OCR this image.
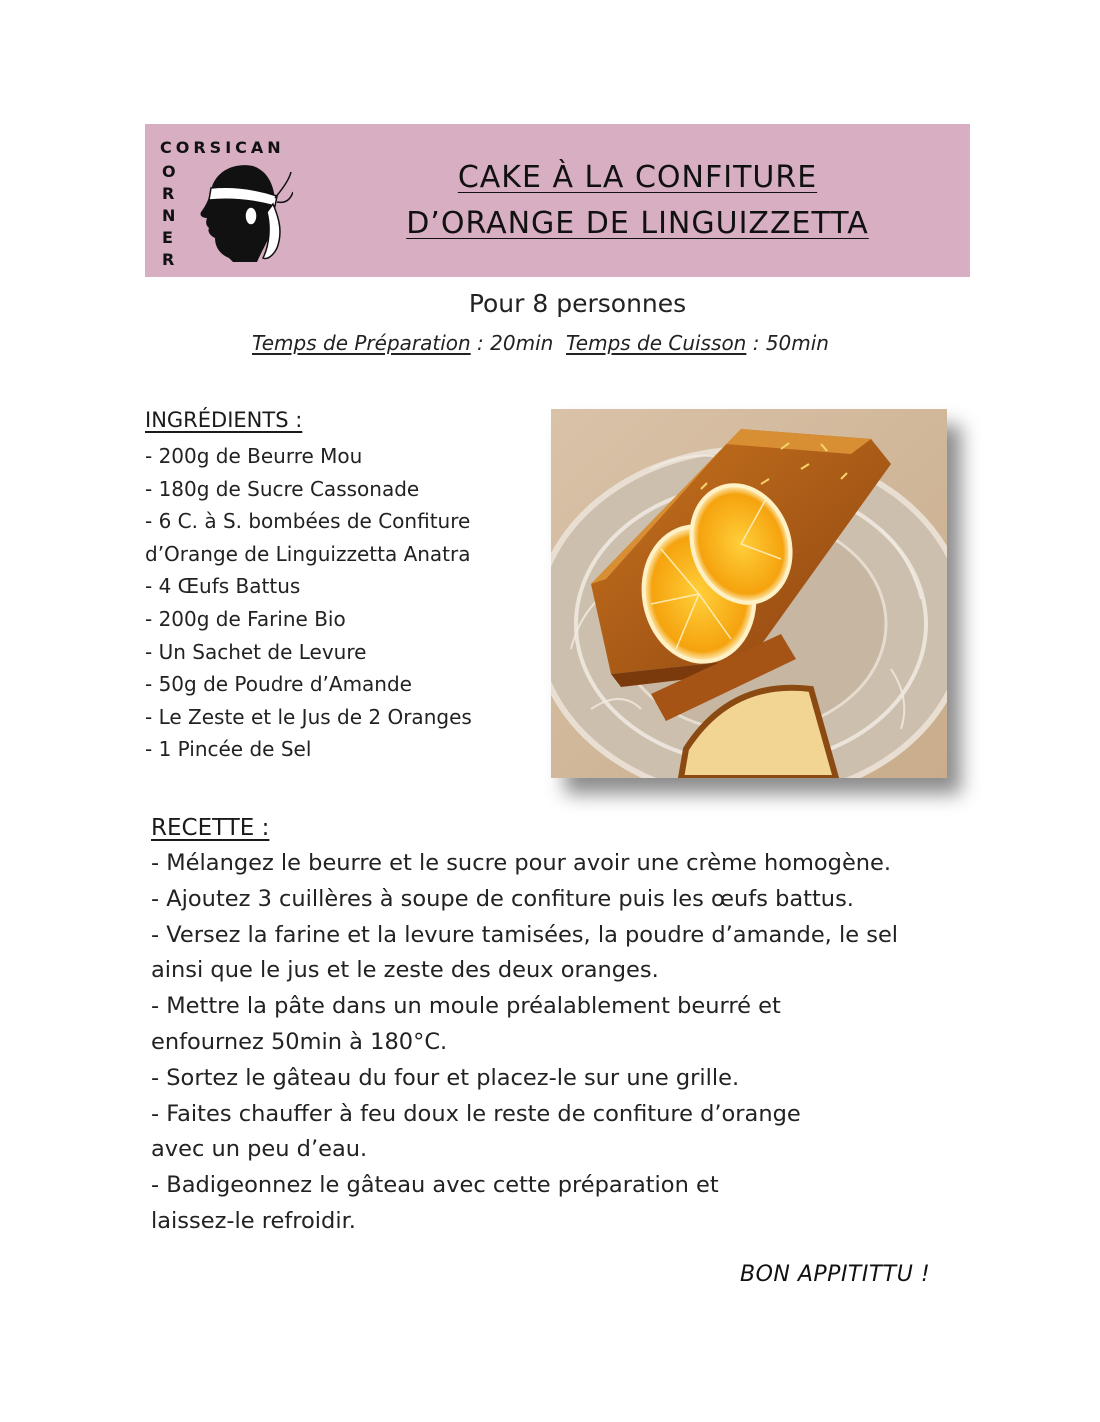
CORSICAN
O
R
N
E
R
CAKE À LA CONFITURE
D’ORANGE DE LINGUIZZETTA
Pour 8 personnes
Temps de Préparation : 20min Temps de Cuisson : 50min
INGRÉDIENTS :
- 200g de Beurre Mou
- 180g de Sucre Cassonade
- 6 C. à S. bombées de Confiture
d’Orange de Linguizzetta Anatra
- 4 Œufs Battus
- 200g de Farine Bio
- Un Sachet de Levure
- 50g de Poudre d’Amande
- Le Zeste et le Jus de 2 Oranges
- 1 Pincée de Sel
RECETTE :
- Mélangez le beurre et le sucre pour avoir une crème homogène.
- Ajoutez 3 cuillères à soupe de confiture puis les œufs battus.
- Versez la farine et la levure tamisées, la poudre d’amande, le sel
ainsi que le jus et le zeste des deux oranges.
- Mettre la pâte dans un moule préalablement beurré et
enfournez 50min à 180°C.
- Sortez le gâteau du four et placez-le sur une grille.
- Faites chauffer à feu doux le reste de confiture d’orange
avec un peu d’eau.
- Badigeonnez le gâteau avec cette préparation et
laissez-le refroidir.
BON APPITITTU !
